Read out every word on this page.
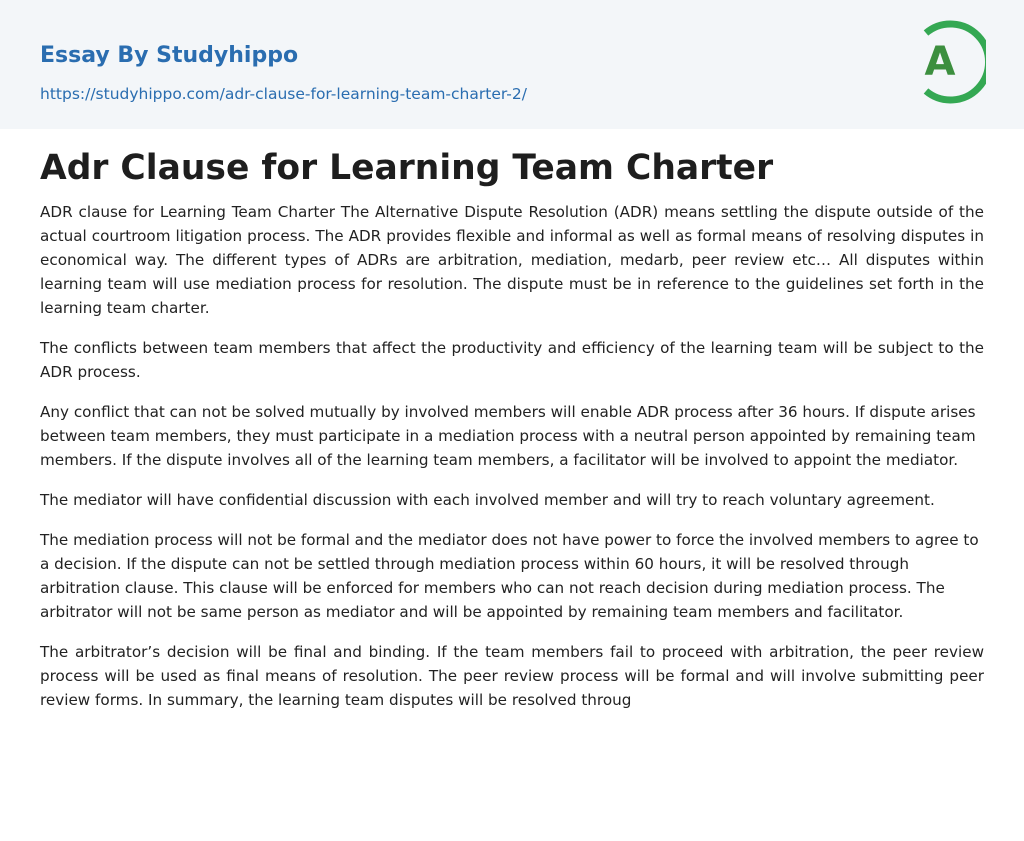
Essay By Studyhippo
https://studyhippo.com/adr-clause-for-learning-team-charter-2/
A
Adr Clause for Learning Team Charter

ADR clause for Learning Team Charter The Alternative Dispute Resolution (ADR) means settling the dispute outside of the actual courtroom litigation process. The ADR provides flexible and informal as well as formal means of resolving disputes in economical way. The different types of ADRs are arbitration, mediation, medarb, peer review etc… All disputes within learning team will use mediation process for resolution. The dispute must be in reference to the guidelines set forth in the learning team charter.

The conflicts between team members that affect the productivity and efficiency of the learning team will be subject to the ADR process.

Any conflict that can not be solved mutually by involved members will enable ADR process after 36 hours. If dispute arises between team members, they must participate in a mediation process with a neutral person appointed by remaining team members. If the dispute involves all of the learning team members, a facilitator will be involved to appoint the mediator.

The mediator will have confidential discussion with each involved member and will try to reach voluntary agreement.

The mediation process will not be formal and the mediator does not have power to force the involved members to agree to a decision. If the dispute can not be settled through mediation process within 60 hours, it will be resolved through arbitration clause. This clause will be enforced for members who can not reach decision during mediation process. The arbitrator will not be same person as mediator and will be appointed by remaining team members and facilitator.

The arbitrator’s decision will be final and binding. If the team members fail to proceed with arbitration, the peer review process will be used as final means of resolution. The peer review process will be formal and will involve submitting peer review forms. In summary, the learning team disputes will be resolved throug
